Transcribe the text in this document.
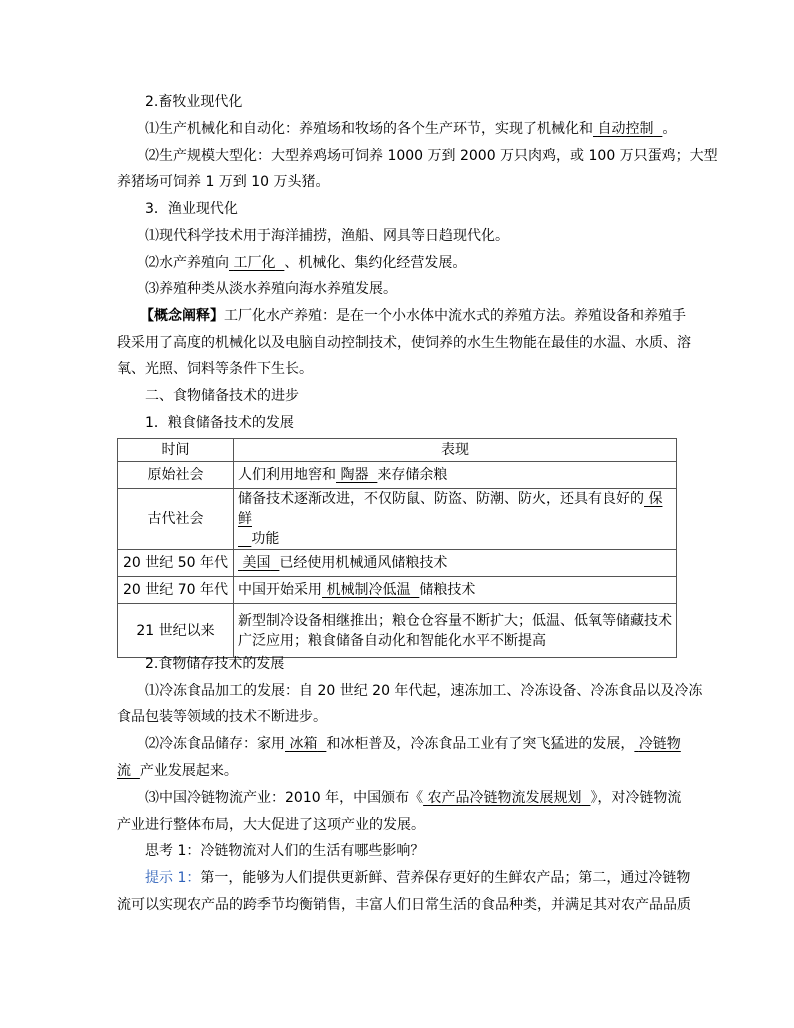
2.畜牧业现代化
⑴生产机械化和自动化：养殖场和牧场的各个生产环节，实现了机械化和 自动控制 。
⑵生产规模大型化：大型养鸡场可饲养 1000 万到 2000 万只肉鸡，或 100 万只蛋鸡；大型
养猪场可饲养 1 万到 10 万头猪。
3．渔业现代化
⑴现代科学技术用于海洋捕捞，渔船、网具等日趋现代化。
⑵水产养殖向 工厂化 、机械化、集约化经营发展。
⑶养殖种类从淡水养殖向海水养殖发展。
【概念阐释】工厂化水产养殖：是在一个小水体中流水式的养殖方法。养殖设备和养殖手
段采用了高度的机械化以及电脑自动控制技术，使饲养的水生生物能在最佳的水温、水质、溶
氧、光照、饲料等条件下生长。
二、食物储备技术的进步
1．粮食储备技术的发展
时间	表现
原始社会	人们利用地窖和 陶器 来存储余粮
古代社会	储备技术逐渐改进，不仅防鼠、防盗、防潮、防火，还具有良好的 保鲜
功能
20 世纪 50 年代	美国 已经使用机械通风储粮技术
20 世纪 70 年代	中国开始采用 机械制冷低温 储粮技术
21 世纪以来	新型制冷设备相继推出；粮仓仓容量不断扩大；低温、低氧等储藏技术
广泛应用；粮食储备自动化和智能化水平不断提高
2.食物储存技术的发展
⑴冷冻食品加工的发展：自 20 世纪 20 年代起，速冻加工、冷冻设备、冷冻食品以及冷冻
食品包装等领域的技术不断进步。
⑵冷冻食品储存：家用 冰箱 和冰柜普及，冷冻食品工业有了突飞猛进的发展， 冷链物
流 产业发展起来。
⑶中国冷链物流产业：2010 年，中国颁布《 农产品冷链物流发展规划 》，对冷链物流
产业进行整体布局，大大促进了这项产业的发展。
思考 1：冷链物流对人们的生活有哪些影响？
提示 1：第一，能够为人们提供更新鲜、营养保存更好的生鲜农产品；第二，通过冷链物
流可以实现农产品的跨季节均衡销售，丰富人们日常生活的食品种类，并满足其对农产品品质
